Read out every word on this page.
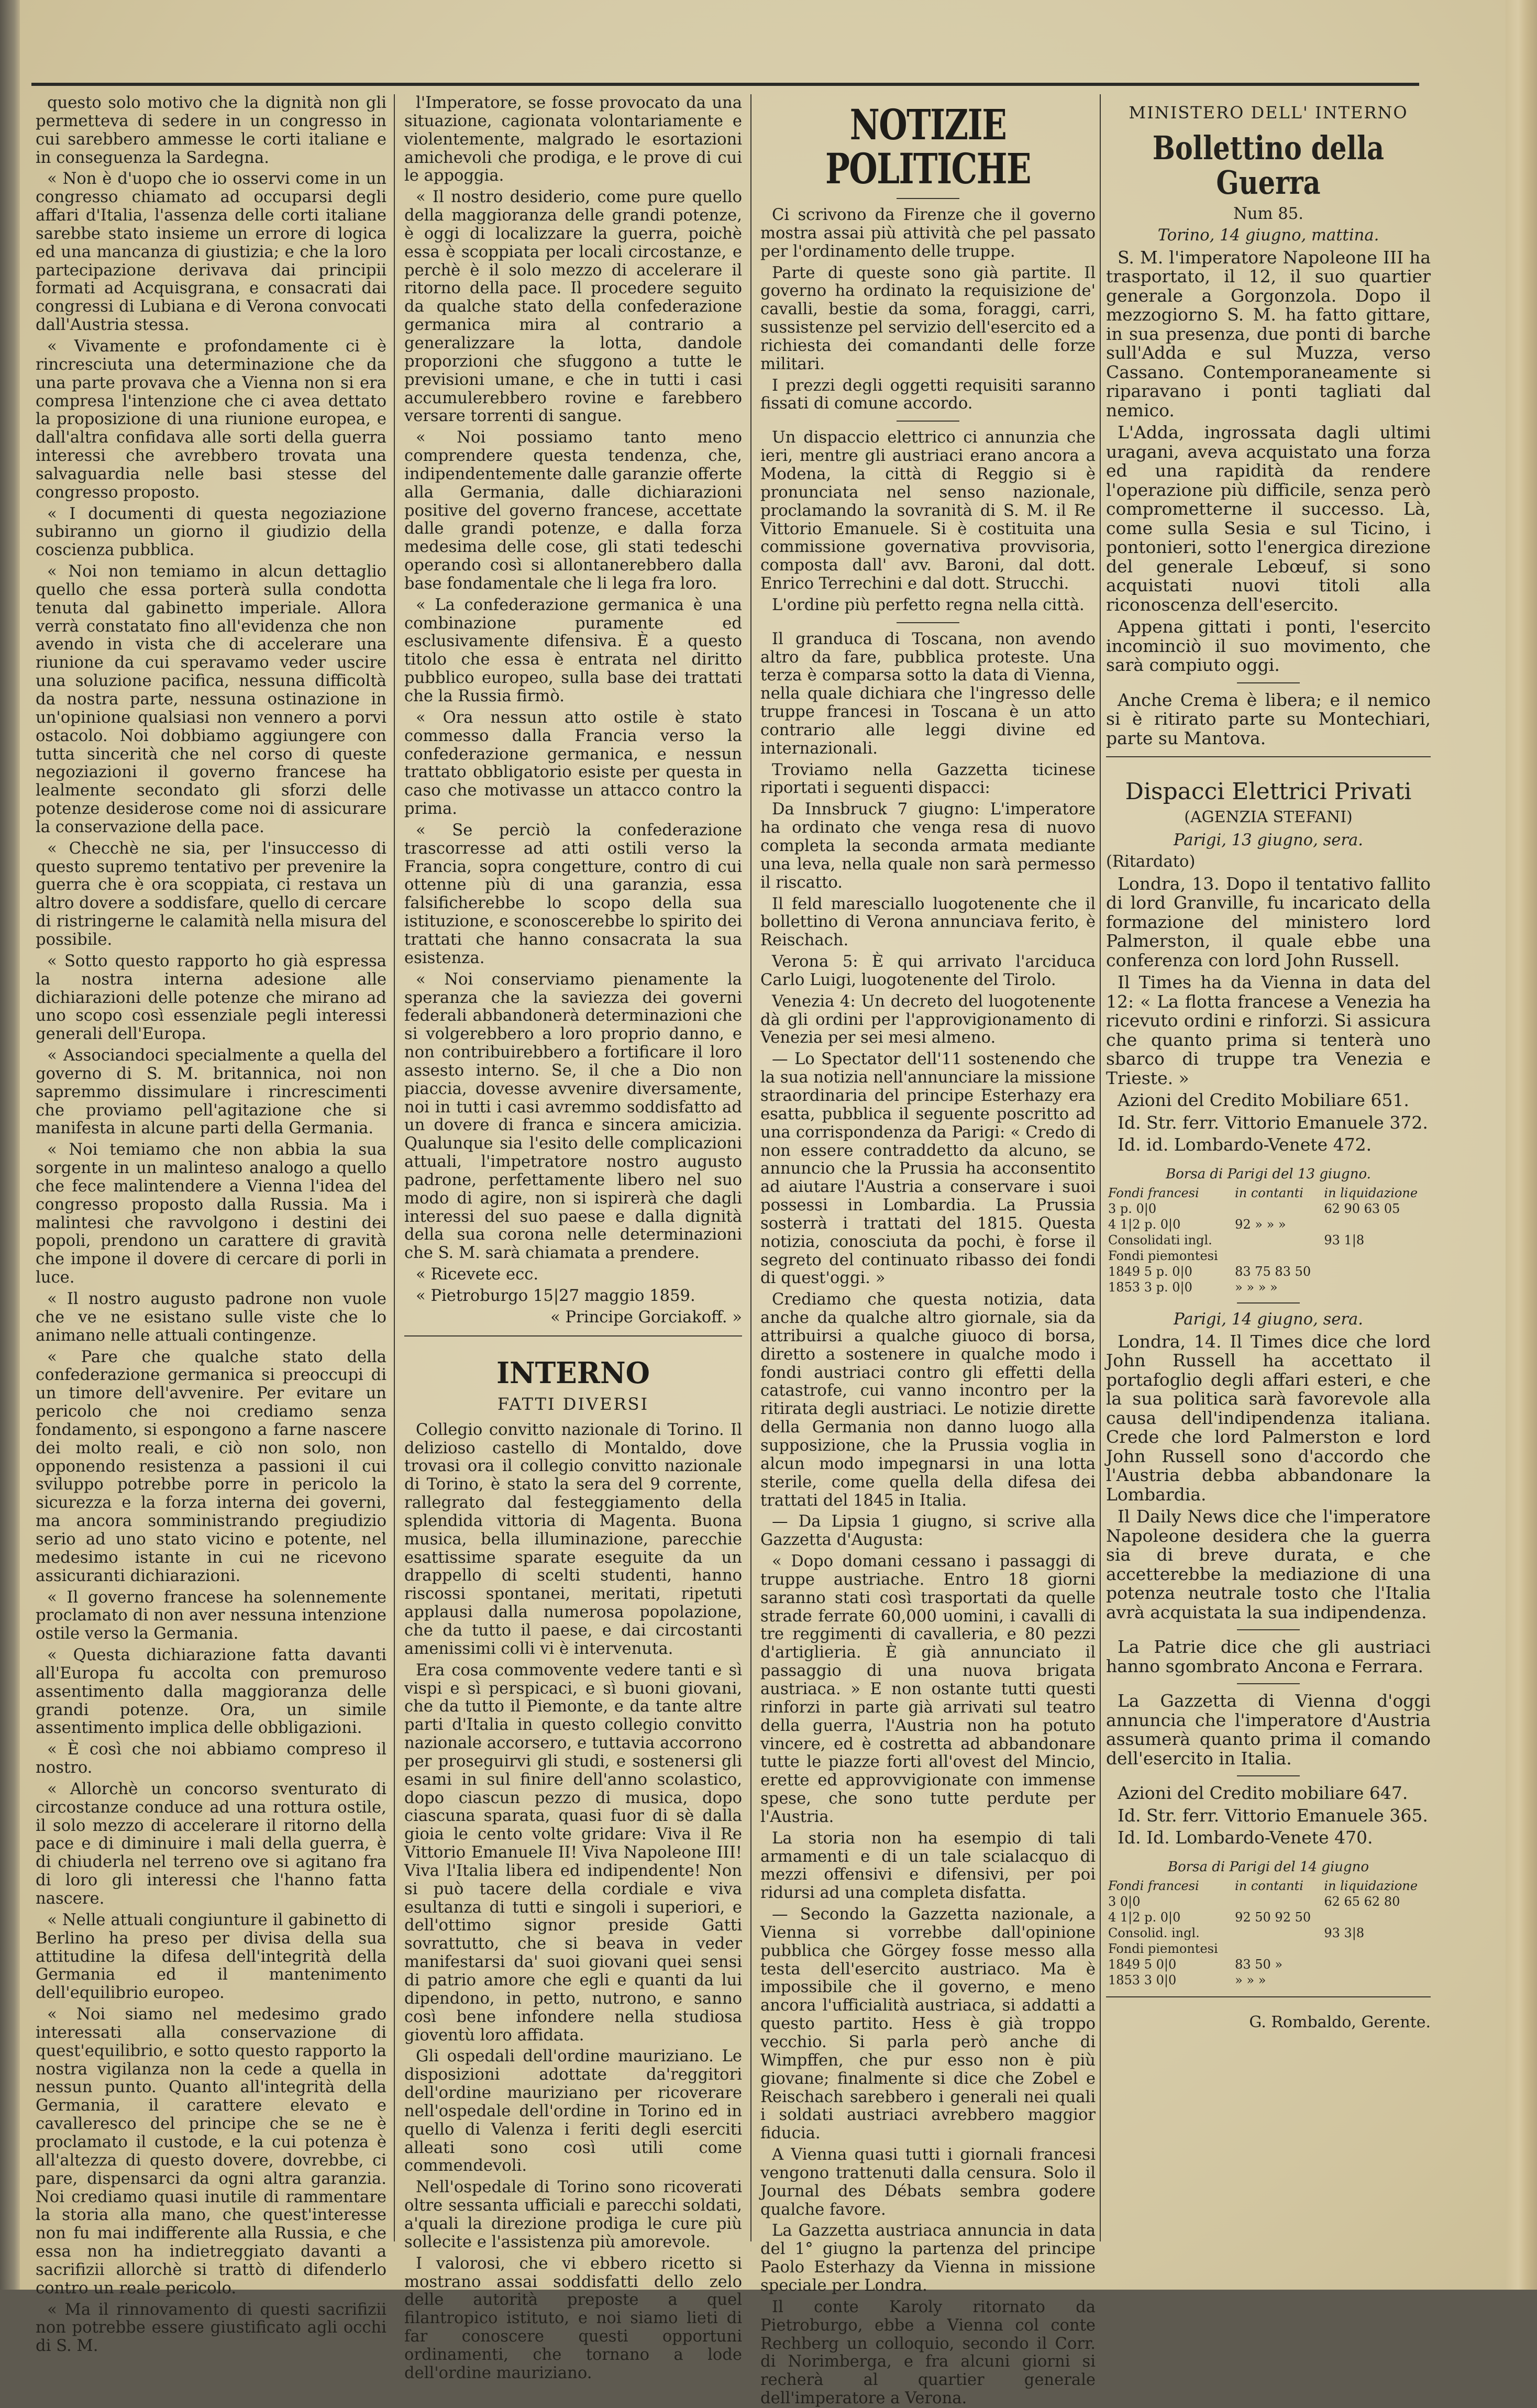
questo solo motivo che la dignità non gli permetteva di sedere in un congresso in cui sarebbero ammesse le corti italiane e in conseguenza la Sardegna.

« Non è d'uopo che io osservi come in un congresso chiamato ad occuparsi degli affari d'Italia, l'assenza delle corti italiane sarebbe stato insieme un errore di logica ed una mancanza di giustizia; e che la loro partecipazione derivava dai principii formati ad Acquisgrana, e consacrati dai congressi di Lubiana e di Verona convocati dall'Austria stessa.

« Vivamente e profondamente ci è rincresciuta una determinazione che da una parte provava che a Vienna non si era compresa l'intenzione che ci avea dettato la proposizione di una riunione europea, e dall'altra confidava alle sorti della guerra interessi che avrebbero trovata una salvaguardia nelle basi stesse del congresso proposto.

« I documenti di questa negoziazione subiranno un giorno il giudizio della coscienza pubblica.

« Noi non temiamo in alcun dettaglio quello che essa porterà sulla condotta tenuta dal gabinetto imperiale. Allora verrà constatato fino all'evidenza che non avendo in vista che di accelerare una riunione da cui speravamo veder uscire una soluzione pacifica, nessuna difficoltà da nostra parte, nessuna ostinazione in un'opinione qualsiasi non vennero a porvi ostacolo. Noi dobbiamo aggiungere con tutta sincerità che nel corso di queste negoziazioni il governo francese ha lealmente secondato gli sforzi delle potenze desiderose come noi di assicurare la conservazione della pace.

« Checchè ne sia, per l'insuccesso di questo supremo tentativo per prevenire la guerra che è ora scoppiata, ci restava un altro dovere a soddisfare, quello di cercare di ristringerne le calamità nella misura del possibile.

« Sotto questo rapporto ho già espressa la nostra interna adesione alle dichiarazioni delle potenze che mirano ad uno scopo così essenziale pegli interessi generali dell'Europa.

« Associandoci specialmente a quella del governo di S. M. britannica, noi non sapremmo dissimulare i rincrescimenti che proviamo pell'agitazione che si manifesta in alcune parti della Germania.

« Noi temiamo che non abbia la sua sorgente in un malinteso analogo a quello che fece malintendere a Vienna l'idea del congresso proposto dalla Russia. Ma i malintesi che ravvolgono i destini dei popoli, prendono un carattere di gravità che impone il dovere di cercare di porli in luce.

« Il nostro augusto padrone non vuole che ve ne esistano sulle viste che lo animano nelle attuali contingenze.

« Pare che qualche stato della confederazione germanica si preoccupi di un timore dell'avvenire. Per evitare un pericolo che noi crediamo senza fondamento, si espongono a farne nascere dei molto reali, e ciò non solo, non opponendo resistenza a passioni il cui sviluppo potrebbe porre in pericolo la sicurezza e la forza interna dei governi, ma ancora somministrando pregiudizio serio ad uno stato vicino e potente, nel medesimo istante in cui ne ricevono assicuranti dichiarazioni.

« Il governo francese ha solennemente proclamato di non aver nessuna intenzione ostile verso la Germania.

« Questa dichiarazione fatta davanti all'Europa fu accolta con premuroso assentimento dalla maggioranza delle grandi potenze. Ora, un simile assentimento implica delle obbligazioni.

« È così che noi abbiamo compreso il nostro.

« Allorchè un concorso sventurato di circostanze conduce ad una rottura ostile, il solo mezzo di accelerare il ritorno della pace e di diminuire i mali della guerra, è di chiuderla nel terreno ove si agitano fra di loro gli interessi che l'hanno fatta nascere.

« Nelle attuali congiunture il gabinetto di Berlino ha preso per divisa della sua attitudine la difesa dell'integrità della Germania ed il mantenimento dell'equilibrio europeo.

« Noi siamo nel medesimo grado interessati alla conservazione di quest'equilibrio, e sotto questo rapporto la nostra vigilanza non la cede a quella in nessun punto. Quanto all'integrità della Germania, il carattere elevato e cavalleresco del principe che se ne è proclamato il custode, e la cui potenza è all'altezza di questo dovere, dovrebbe, ci pare, dispensarci da ogni altra garanzia. Noi crediamo quasi inutile di rammentare la storia alla mano, che quest'interesse non fu mai indifferente alla Russia, e che essa non ha indietreggiato davanti a sacrifizii allorchè si trattò di difenderlo contro un reale pericolo.

« Ma il rinnovamento di questi sacrifizii non potrebbe essere giustificato agli occhi di S. M.

l'Imperatore, se fosse provocato da una situazione, cagionata volontariamente e violentemente, malgrado le esortazioni amichevoli che prodiga, e le prove di cui le appoggia.

« Il nostro desiderio, come pure quello della maggioranza delle grandi potenze, è oggi di localizzare la guerra, poichè essa è scoppiata per locali circostanze, e perchè è il solo mezzo di accelerare il ritorno della pace. Il procedere seguito da qualche stato della confederazione germanica mira al contrario a generalizzare la lotta, dandole proporzioni che sfuggono a tutte le previsioni umane, e che in tutti i casi accumulerebbero rovine e farebbero versare torrenti di sangue.

« Noi possiamo tanto meno comprendere questa tendenza, che, indipendentemente dalle garanzie offerte alla Germania, dalle dichiarazioni positive del governo francese, accettate dalle grandi potenze, e dalla forza medesima delle cose, gli stati tedeschi operando così si allontanerebbero dalla base fondamentale che li lega fra loro.

« La confederazione germanica è una combinazione puramente ed esclusivamente difensiva. È a questo titolo che essa è entrata nel diritto pubblico europeo, sulla base dei trattati che la Russia firmò.

« Ora nessun atto ostile è stato commesso dalla Francia verso la confederazione germanica, e nessun trattato obbligatorio esiste per questa in caso che motivasse un attacco contro la prima.

« Se perciò la confederazione trascorresse ad atti ostili verso la Francia, sopra congetture, contro di cui ottenne più di una garanzia, essa falsificherebbe lo scopo della sua istituzione, e sconoscerebbe lo spirito dei trattati che hanno consacrata la sua esistenza.

« Noi conserviamo pienamente la speranza che la saviezza dei governi federali abbandonerà determinazioni che si volgerebbero a loro proprio danno, e non contribuirebbero a fortificare il loro assesto interno. Se, il che a Dio non piaccia, dovesse avvenire diversamente, noi in tutti i casi avremmo soddisfatto ad un dovere di franca e sincera amicizia. Qualunque sia l'esito delle complicazioni attuali, l'impetratore nostro augusto padrone, perfettamente libero nel suo modo di agire, non si ispirerà che dagli interessi del suo paese e dalla dignità della sua corona nelle determinazioni che S. M. sarà chiamata a prendere.

« Ricevete ecc.

« Pietroburgo 15|27 maggio 1859.

« Principe Gorciakoff. »

INTERNO
FATTI DIVERSI

Collegio convitto nazionale di Torino. Il delizioso castello di Montaldo, dove trovasi ora il collegio convitto nazionale di Torino, è stato la sera del 9 corrente, rallegrato dal festeggiamento della splendida vittoria di Magenta. Buona musica, bella illuminazione, parecchie esattissime sparate eseguite da un drappello di scelti studenti, hanno riscossi spontanei, meritati, ripetuti applausi dalla numerosa popolazione, che da tutto il paese, e dai circostanti amenissimi colli vi è intervenuta.

Era cosa commovente vedere tanti e sì vispi e sì perspicaci, e sì buoni giovani, che da tutto il Piemonte, e da tante altre parti d'Italia in questo collegio convitto nazionale accorsero, e tuttavia accorrono per proseguirvi gli studi, e sostenersi gli esami in sul finire dell'anno scolastico, dopo ciascun pezzo di musica, dopo ciascuna sparata, quasi fuor di sè dalla gioia le cento volte gridare: Viva il Re Vittorio Emanuele II! Viva Napoleone III! Viva l'Italia libera ed indipendente! Non si può tacere della cordiale e viva esultanza di tutti e singoli i superiori, e dell'ottimo signor preside Gatti sovrattutto, che si beava in veder manifestarsi da' suoi giovani quei sensi di patrio amore che egli e quanti da lui dipendono, in petto, nutrono, e sanno così bene infondere nella studiosa gioventù loro affidata.

Gli ospedali dell'ordine mauriziano. Le disposizioni adottate da'reggitori dell'ordine mauriziano per ricoverare nell'ospedale dell'ordine in Torino ed in quello di Valenza i feriti degli eserciti alleati sono così utili come commendevoli.

Nell'ospedale di Torino sono ricoverati oltre sessanta ufficiali e parecchi soldati, a'quali la direzione prodiga le cure più sollecite e l'assistenza più amorevole.

I valorosi, che vi ebbero ricetto si mostrano assai soddisfatti dello zelo delle autorità preposte a quel filantropico istituto, e noi siamo lieti di far conoscere questi opportuni ordinamenti, che tornano a lode dell'ordine mauriziano.

NOTIZIE POLITICHE

Ci scrivono da Firenze che il governo mostra assai più attività che pel passato per l'ordinamento delle truppe.

Parte di queste sono già partite. Il governo ha ordinato la requisizione de' cavalli, bestie da soma, foraggi, carri, sussistenze pel servizio dell'esercito ed a richiesta dei comandanti delle forze militari.

I prezzi degli oggetti requisiti saranno fissati di comune accordo.

Un dispaccio elettrico ci annunzia che ieri, mentre gli austriaci erano ancora a Modena, la città di Reggio si è pronunciata nel senso nazionale, proclamando la sovranità di S. M. il Re Vittorio Emanuele. Si è costituita una commissione governativa provvisoria, composta dall' avv. Baroni, dal dott. Enrico Terrechini e dal dott. Strucchi.

L'ordine più perfetto regna nella città.

Il granduca di Toscana, non avendo altro da fare, pubblica proteste. Una terza è comparsa sotto la data di Vienna, nella quale dichiara che l'ingresso delle truppe francesi in Toscana è un atto contrario alle leggi divine ed internazionali.

Troviamo nella Gazzetta ticinese riportati i seguenti dispacci:

Da Innsbruck 7 giugno: L'imperatore ha ordinato che venga resa di nuovo completa la seconda armata mediante una leva, nella quale non sarà permesso il riscatto.

Il feld maresciallo luogotenente che il bollettino di Verona annunciava ferito, è Reischach.

Verona 5: È qui arrivato l'arciduca Carlo Luigi, luogotenente del Tirolo.

Venezia 4: Un decreto del luogotenente dà gli ordini per l'approvigionamento di Venezia per sei mesi almeno.

— Lo Spectator dell'11 sostenendo che la sua notizia nell'annunciare la missione straordinaria del principe Esterhazy era esatta, pubblica il seguente poscritto ad una corrispondenza da Parigi: « Credo di non essere contraddetto da alcuno, se annuncio che la Prussia ha acconsentito ad aiutare l'Austria a conservare i suoi possessi in Lombardia. La Prussia sosterrà i trattati del 1815. Questa notizia, conosciuta da pochi, è forse il segreto del continuato ribasso dei fondi di quest'oggi. »

Crediamo che questa notizia, data anche da qualche altro giornale, sia da attribuirsi a qualche giuoco di borsa, diretto a sostenere in qualche modo i fondi austriaci contro gli effetti della catastrofe, cui vanno incontro per la ritirata degli austriaci. Le notizie dirette della Germania non danno luogo alla supposizione, che la Prussia voglia in alcun modo impegnarsi in una lotta sterile, come quella della difesa dei trattati del 1845 in Italia.

— Da Lipsia 1 giugno, si scrive alla Gazzetta d'Augusta:

« Dopo domani cessano i passaggi di truppe austriache. Entro 18 giorni saranno stati così trasportati da quelle strade ferrate 60,000 uomini, i cavalli di tre reggimenti di cavalleria, e 80 pezzi d'artiglieria. È già annunciato il passaggio di una nuova brigata austriaca. » E non ostante tutti questi rinforzi in parte già arrivati sul teatro della guerra, l'Austria non ha potuto vincere, ed è costretta ad abbandonare tutte le piazze forti all'ovest del Mincio, erette ed approvvigionate con immense spese, che sono tutte perdute per l'Austria.

La storia non ha esempio di tali armamenti e di un tale scialacquo di mezzi offensivi e difensivi, per poi ridursi ad una completa disfatta.

— Secondo la Gazzetta nazionale, a Vienna si vorrebbe dall'opinione pubblica che Görgey fosse messo alla testa dell'esercito austriaco. Ma è impossibile che il governo, e meno ancora l'ufficialità austriaca, si addatti a questo partito. Hess è già troppo vecchio. Si parla però anche di Wimpffen, che pur esso non è più giovane; finalmente si dice che Zobel e Reischach sarebbero i generali nei quali i soldati austriaci avrebbero maggior fiducia.

A Vienna quasi tutti i giornali francesi vengono trattenuti dalla censura. Solo il Journal des Débats sembra godere qualche favore.

La Gazzetta austriaca annuncia in data del 1° giugno la partenza del principe Paolo Esterhazy da Vienna in missione speciale per Londra.

Il conte Karoly ritornato da Pietroburgo, ebbe a Vienna col conte Rechberg un colloquio, secondo il Corr. di Norimberga, e fra alcuni giorni si recherà al quartier generale dell'imperatore a Verona.

MINISTERO DELL' INTERNO
Bollettino della Guerra

Num 85.

Torino, 14 giugno, mattina.

S. M. l'imperatore Napoleone III ha trasportato, il 12, il suo quartier generale a Gorgonzola. Dopo il mezzogiorno S. M. ha fatto gittare, in sua presenza, due ponti di barche sull'Adda e sul Muzza, verso Cassano. Contemporaneamente si riparavano i ponti tagliati dal nemico.

L'Adda, ingrossata dagli ultimi uragani, aveva acquistato una forza ed una rapidità da rendere l'operazione più difficile, senza però comprometterne il successo. Là, come sulla Sesia e sul Ticino, i pontonieri, sotto l'energica direzione del generale Lebœuf, si sono acquistati nuovi titoli alla riconoscenza dell'esercito.

Appena gittati i ponti, l'esercito incominciò il suo movimento, che sarà compiuto oggi.

Anche Crema è libera; e il nemico si è ritirato parte su Montechiari, parte su Mantova.

Dispacci Elettrici Privati
(AGENZIA STEFANI)

Parigi, 13 giugno, sera.

(Ritardato)

Londra, 13. Dopo il tentativo fallito di lord Granville, fu incaricato della formazione del ministero lord Palmerston, il quale ebbe una conferenza con lord John Russell.

Il Times ha da Vienna in data del 12: « La flotta francese a Venezia ha ricevuto ordini e rinforzi. Si assicura che quanto prima si tenterà uno sbarco di truppe tra Venezia e Trieste. »

Azioni del Credito Mobiliare 651.

Id. Str. ferr. Vittorio Emanuele 372.

Id. id. Lombardo-Venete 472.

Borsa di Parigi del 13 giugno.
Fondi francesi	in contanti	in liquidazione
3 p. 0|0		62 90 63 05
4 1|2 p. 0|0	92 » » »	
Consolidati ingl.		93 1|8
Fondi piemontesi		
1849 5 p. 0|0	83 75 83 50	
1853 3 p. 0|0	» » » »	

Parigi, 14 giugno, sera.

Londra, 14. Il Times dice che lord John Russell ha accettato il portafoglio degli affari esteri, e che la sua politica sarà favorevole alla causa dell'indipendenza italiana. Crede che lord Palmerston e lord John Russell sono d'accordo che l'Austria debba abbandonare la Lombardia.

Il Daily News dice che l'imperatore Napoleone desidera che la guerra sia di breve durata, e che accetterebbe la mediazione di una potenza neutrale tosto che l'Italia avrà acquistata la sua indipendenza.

La Patrie dice che gli austriaci hanno sgombrato Ancona e Ferrara.

La Gazzetta di Vienna d'oggi annuncia che l'imperatore d'Austria assumerà quanto prima il comando dell'esercito in Italia.

Azioni del Credito mobiliare 647.

Id. Str. ferr. Vittorio Emanuele 365.

Id. Id. Lombardo-Venete 470.

Borsa di Parigi del 14 giugno
Fondi francesi	in contanti	in liquidazione
3 0|0		62 65 62 80
4 1|2 p. 0|0	92 50 92 50	
Consolid. ingl.		93 3|8
Fondi piemontesi		
1849 5 0|0	83 50 »	
1853 3 0|0	» » »	
G. Rombaldo, Gerente.
